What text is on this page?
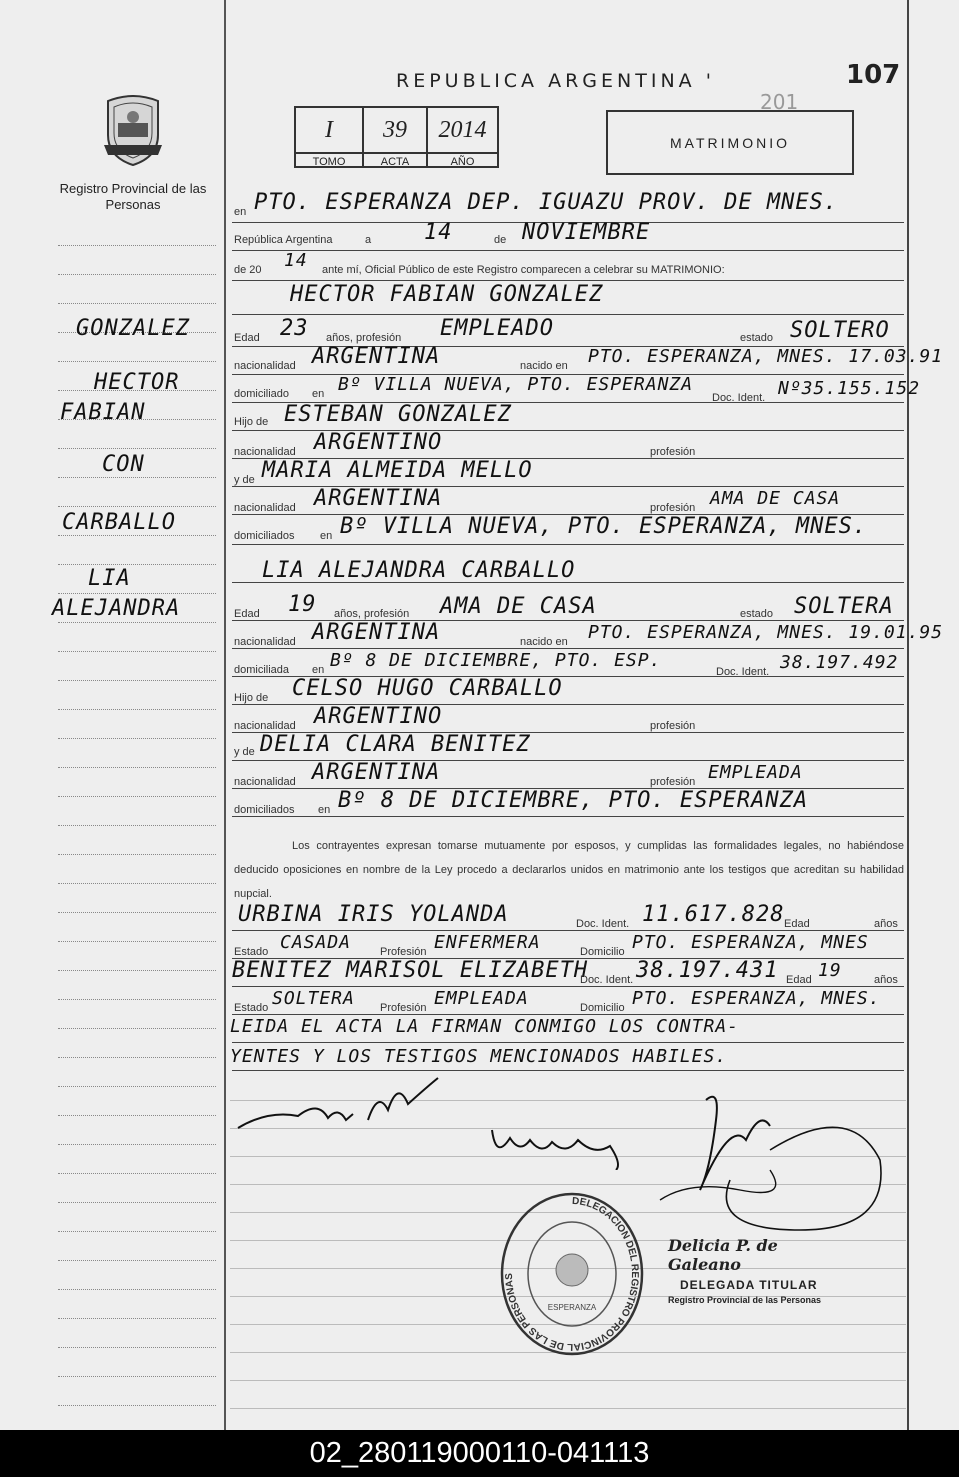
REPUBLICA ARGENTINA '	107
201
Registro Provincial de las Personas
I	39	2014
TOMO	ACTA	AÑO
MATRIMONIO
GONZALEZ
HECTOR
FABIAN
CON
CARBALLO
LIA
ALEJANDRA
en PTO. ESPERANZA DEP. IGUAZU PROV. DE MNES.
República Argentina	a 14	de NOVIEMBRE
de 20 14 ante mí, Oficial Público de este Registro comparecen a celebrar su MATRIMONIO:
HECTOR FABIAN GONZALEZ
Edad 23 años, profesión EMPLEADO	estado SOLTERO
nacionalidad ARGENTINA	nacido en PTO. ESPERANZA, MNES. 17.03.91
domiciliado en Bº VILLA NUEVA, PTO. ESPERANZA
Doc. Ident. Nº35.155.152
Hijo de ESTEBAN GONZALEZ
nacionalidad ARGENTINO	profesión
y de MARIA ALMEIDA MELLO
nacionalidad ARGENTINA	profesión AMA DE CASA
domiciliados en Bº VILLA NUEVA, PTO. ESPERANZA, MNES.
LIA ALEJANDRA CARBALLO
Edad 19 años, profesión AMA DE CASA	estado SOLTERA
nacionalidad ARGENTINA	nacido en PTO. ESPERANZA, MNES. 19.01.95
domiciliada en Bº 8 DE DICIEMBRE, PTO. ESP.
Doc. Ident. 38.197.492
Hijo de CELSO HUGO CARBALLO
nacionalidad ARGENTINO	profesión
y de DELIA CLARA BENITEZ
nacionalidad ARGENTINA	profesión EMPLEADA
domiciliados en Bº 8 DE DICIEMBRE, PTO. ESPERANZA
Los contrayentes expresan tomarse mutuamente por esposos, y cumplidas las formalidades legales, no habiéndose deducido oposiciones en nombre de la Ley procedo a declararlos unidos en matrimonio ante los testigos que acreditan su habilidad nupcial.
URBINA IRIS YOLANDA	Doc. Ident. 11.617.828 Edad	años
Estado CASADA	Profesión ENFERMERA	Domicilio PTO. ESPERANZA, MNES
BENITEZ MARISOL ELIZABETH
Doc. Ident. 38.197.431 Edad 19	años
Estado SOLTERA Profesión EMPLEADA	Domicilio PTO. ESPERANZA, MNES.
LEIDA EL ACTA LA FIRMAN CONMIGO LOS CONTRA-
YENTES Y LOS TESTIGOS MENCIONADOS HABILES.
DELEGACION DEL REGISTRO PROVINCIAL DE LAS PERSONAS
ESPERANZA
Delicia P. de Galeano
DELEGADA TITULAR
Registro Provincial de las Personas
02_280119000110-041113
